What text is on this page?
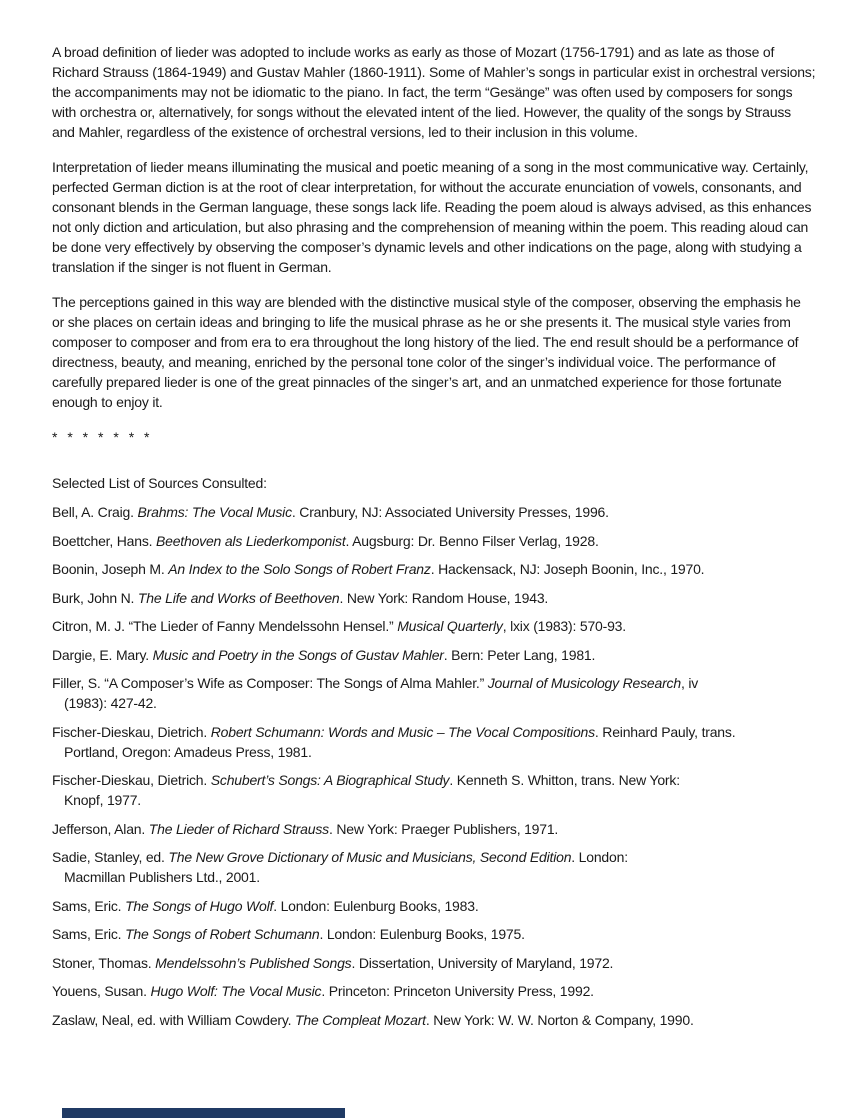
A broad definition of lieder was adopted to include works as early as those of Mozart (1756-1791) and as late as those of Richard Strauss (1864-1949) and Gustav Mahler (1860-1911). Some of Mahler’s songs in particular exist in orchestral versions; the accompaniments may not be idiomatic to the piano. In fact, the term “Gesänge” was often used by composers for songs with orchestra or, alternatively, for songs without the elevated intent of the lied. However, the quality of the songs by Strauss and Mahler, regardless of the existence of orchestral versions, led to their inclusion in this volume.

Interpretation of lieder means illuminating the musical and poetic meaning of a song in the most communicative way. Certainly, perfected German diction is at the root of clear interpretation, for without the accurate enunciation of vowels, consonants, and consonant blends in the German language, these songs lack life. Reading the poem aloud is always advised, as this enhances not only diction and articulation, but also phrasing and the comprehension of meaning within the poem. This reading aloud can be done very effectively by observing the composer’s dynamic levels and other indications on the page, along with studying a translation if the singer is not fluent in German.

The perceptions gained in this way are blended with the distinctive musical style of the composer, observing the emphasis he or she places on certain ideas and bringing to life the musical phrase as he or she presents it. The musical style varies from composer to composer and from era to era throughout the long history of the lied. The end result should be a performance of directness, beauty, and meaning, enriched by the personal tone color of the singer’s individual voice. The performance of carefully prepared lieder is one of the great pinnacles of the singer’s art, and an unmatched experience for those fortunate enough to enjoy it.

* * * * * * *
Selected List of Sources Consulted:
Bell, A. Craig. Brahms: The Vocal Music. Cranbury, NJ: Associated University Presses, 1996.
Boettcher, Hans. Beethoven als Liederkomponist. Augsburg: Dr. Benno Filser Verlag, 1928.
Boonin, Joseph M. An Index to the Solo Songs of Robert Franz. Hackensack, NJ: Joseph Boonin, Inc., 1970.
Burk, John N. The Life and Works of Beethoven. New York: Random House, 1943.
Citron, M. J. “The Lieder of Fanny Mendelssohn Hensel.” Musical Quarterly, lxix (1983): 570-93.
Dargie, E. Mary. Music and Poetry in the Songs of Gustav Mahler. Bern: Peter Lang, 1981.
Filler, S. “A Composer’s Wife as Composer: The Songs of Alma Mahler.” Journal of Musicology Research, iv
(1983): 427-42.
Fischer-Dieskau, Dietrich. Robert Schumann: Words and Music – The Vocal Compositions. Reinhard Pauly, trans.
Portland, Oregon: Amadeus Press, 1981.
Fischer-Dieskau, Dietrich. Schubert’s Songs: A Biographical Study. Kenneth S. Whitton, trans. New York:
Knopf, 1977.
Jefferson, Alan. The Lieder of Richard Strauss. New York: Praeger Publishers, 1971.
Sadie, Stanley, ed. The New Grove Dictionary of Music and Musicians, Second Edition. London:
Macmillan Publishers Ltd., 2001.
Sams, Eric. The Songs of Hugo Wolf. London: Eulenburg Books, 1983.
Sams, Eric. The Songs of Robert Schumann. London: Eulenburg Books, 1975.
Stoner, Thomas. Mendelssohn’s Published Songs. Dissertation, University of Maryland, 1972.
Youens, Susan. Hugo Wolf: The Vocal Music. Princeton: Princeton University Press, 1992.
Zaslaw, Neal, ed. with William Cowdery. The Compleat Mozart. New York: W. W. Norton & Company, 1990.
